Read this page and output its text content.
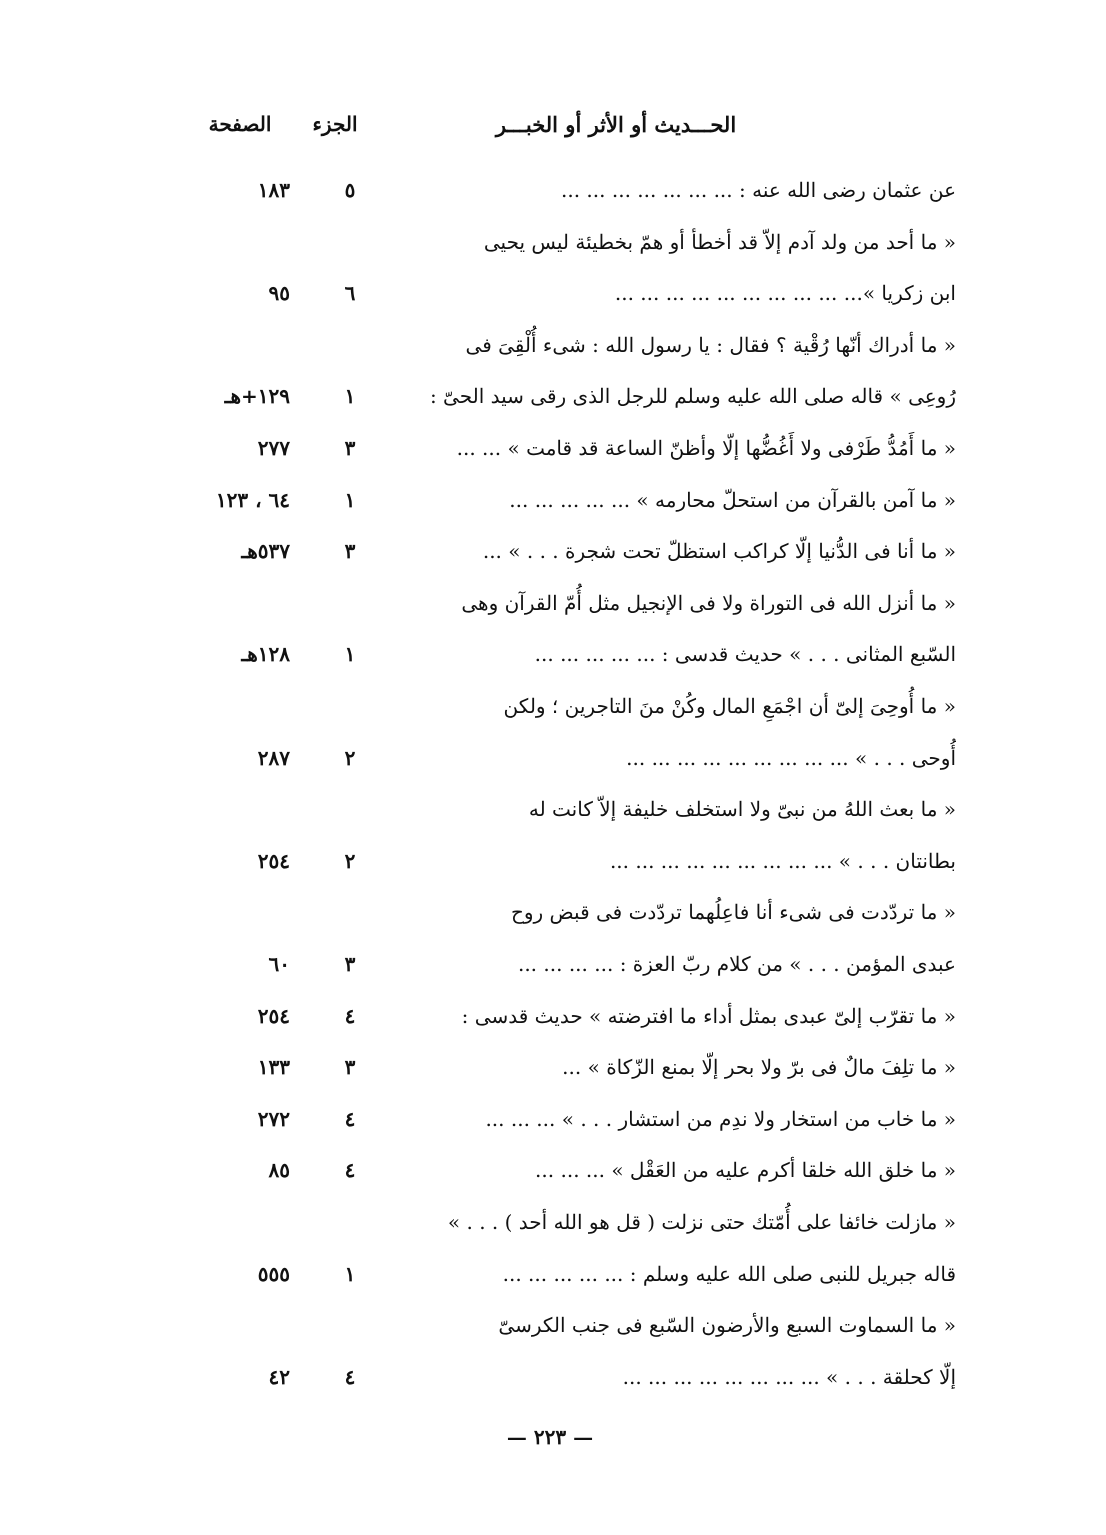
الحـــديث أو الأثر أو الخبـــر
الجزء
الصفحة
عن عثمان رضى الله عنه : ... ... ... ... ... ... ...
٥
١٨٣
« ما أحد من ولد آدم إلاّ قد أخطأ أو همّ بخطيئة ليس يحيى
ابن زكريا »... ... ... ... ... ... ... ... ... ...
٦
٩٥
« ما أدراك أنّها رُقْية ؟ فقال : يا رسول الله : شىء أُلْقِىَ فى
رُوعِى » قاله صلى الله عليه وسلم للرجل الذى رقى سيد الحىّ :
١
١٢٩+هـ
« ما أَمُدُّ طَرْفى ولا أَغُضُّها إلّا وأظنّ الساعة قد قامت » ... ...
٣
٢٧٧
« ما آمن بالقرآن من استحلّ محارمه » ... ... ... ... ...
١
٦٤ ، ١٢٣
« ما أنا فى الدُّنيا إلّا كراكب استظلّ تحت شجرة . . . » ...
٣
٥٣٧هـ
« ما أنزل الله فى التوراة ولا فى الإنجيل مثل أُمّ القرآن وهى
السّبع المثانى . . . » حديث قدسى : ... ... ... ... ...
١
١٢٨هـ
« ما أُوحِىَ إلىّ أن اجْمَعِ المال وكُنْ منَ التاجرين ؛ ولكن
أُوحى . . . » ... ... ... ... ... ... ... ... ...
٢
٢٨٧
« ما بعث اللهُ من نبىّ ولا استخلف خليفة إلاّ كانت له
بطانتان . . . » ... ... ... ... ... ... ... ... ...
٢
٢٥٤
« ما تردّدت فى شىء أنا فاعِلُهما تردّدت فى قبض روح
عبدى المؤمن . . . » من كلام ربّ العزة : ... ... ... ...
٣
٦٠
« ما تقرّب إلىّ عبدى بمثل أداء ما افترضته » حديث قدسى :
٤
٢٥٤
« ما تلِفَ مالٌ فى برّ ولا بحر إلّا بمنع الزّكاة » ...
٣
١٣٣
« ما خاب من استخار ولا ندِم من استشار . . . » ... ... ...
٤
٢٧٢
« ما خلق الله خلقا أكرم عليه من العَقْل » ... ... ...
٤
٨٥
« مازلت خائفا على أُمّتك حتى نزلت ( قل هو الله أحد ) . . . »
قاله جبريل للنبى صلى الله عليه وسلم : ... ... ... ... ...
١
٥٥٥
« ما السماوت السبع والأرضون السّبع فى جنب الكرسىّ
إلّا كحلقة . . . » ... ... ... ... ... ... ... ...
٤
٤٢
— ٢٢٣ —
